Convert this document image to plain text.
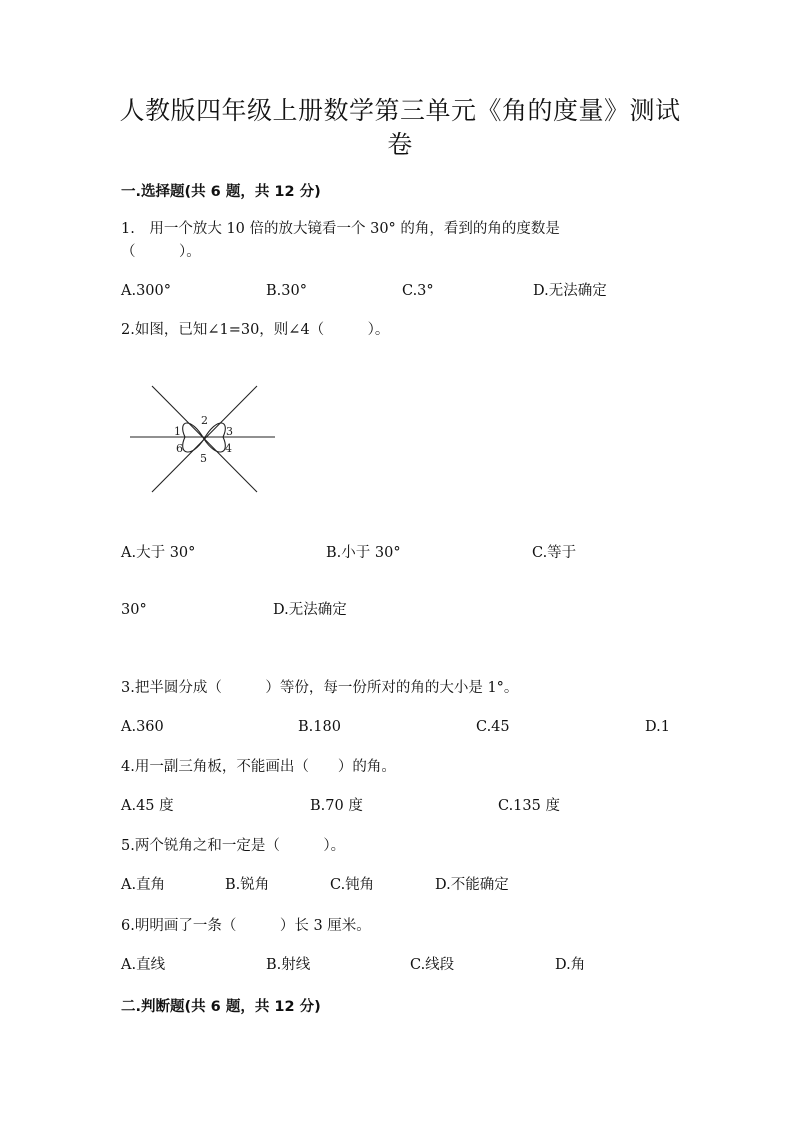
人教版四年级上册数学第三单元《角的度量》测试
卷
一.选择题(共 6 题，共 12 分)
1.　用一个放大 10 倍的放大镜看一个 30° 的角，看到的角的度数是
（　　　）。
A.300°	B.30°	C.3°	D.无法确定
2.如图，已知∠1=30，则∠4（　　　）。
1
2
3
4
5
6
A.大于 30°	B.小于 30°	C.等于
30°	D.无法确定
3.把半圆分成（　　　）等份，每一份所对的角的大小是 1°。
A.360	B.180	C.45	D.1
4.用一副三角板，不能画出（　　）的角。
A.45 度	B.70 度	C.135 度
5.两个锐角之和一定是（　　　）。
A.直角	B.锐角	C.钝角	D.不能确定
6.明明画了一条（　　　）长 3 厘米。
A.直线	B.射线	C.线段	D.角
二.判断题(共 6 题，共 12 分)
